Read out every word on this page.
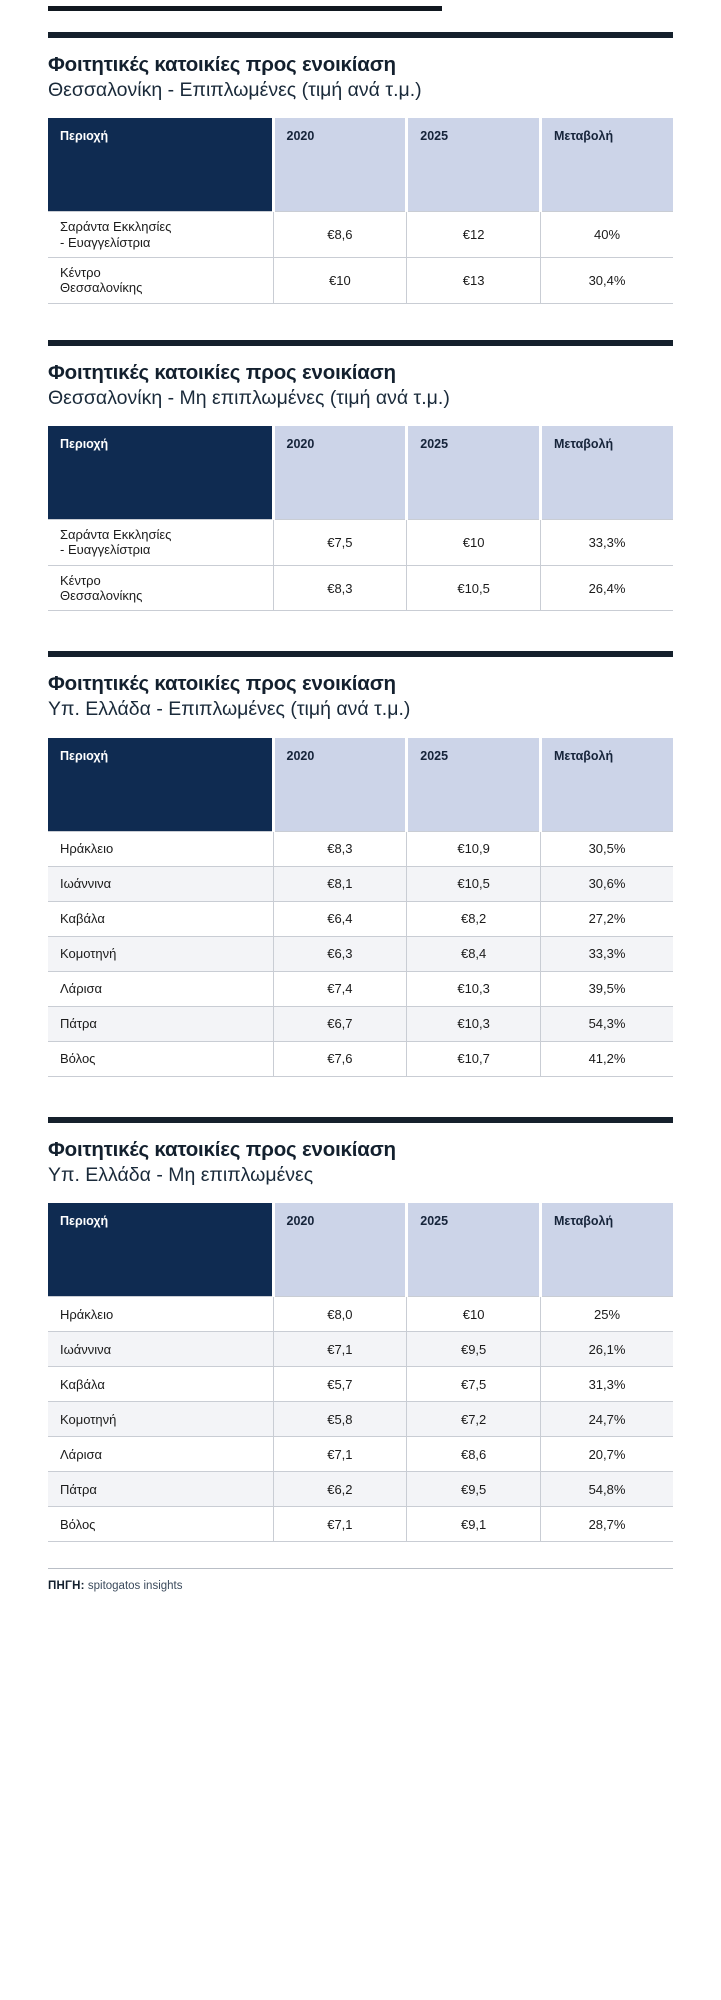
Φοιτητικές κατοικίες προς ενοικίαση
Θεσσαλονίκη - Επιπλωμένες (τιμή ανά τ.μ.)
Περιοχή	2020	2025	Μεταβολή

Σαράντα Εκκλησίες
- Ευαγγελίστρια	€8,6	€12	40%

Κέντρο
Θεσσαλονίκης	€10	€13	30,4%
Φοιτητικές κατοικίες προς ενοικίαση
Θεσσαλονίκη - Μη επιπλωμένες (τιμή ανά τ.μ.)
Περιοχή	2020	2025	Μεταβολή

Σαράντα Εκκλησίες
- Ευαγγελίστρια	€7,5	€10	33,3%

Κέντρο
Θεσσαλονίκης	€8,3	€10,5	26,4%
Φοιτητικές κατοικίες προς ενοικίαση
Υπ. Ελλάδα - Επιπλωμένες (τιμή ανά τ.μ.)
Περιοχή	2020	2025	Μεταβολή
Ηράκλειο	€8,3	€10,9	30,5%
Ιωάννινα	€8,1	€10,5	30,6%
Καβάλα	€6,4	€8,2	27,2%
Κομοτηνή	€6,3	€8,4	33,3%
Λάρισα	€7,4	€10,3	39,5%
Πάτρα	€6,7	€10,3	54,3%
Βόλος	€7,6	€10,7	41,2%
Φοιτητικές κατοικίες προς ενοικίαση
Υπ. Ελλάδα - Μη επιπλωμένες
Περιοχή	2020	2025	Μεταβολή
Ηράκλειο	€8,0	€10	25%
Ιωάννινα	€7,1	€9,5	26,1%
Καβάλα	€5,7	€7,5	31,3%
Κομοτηνή	€5,8	€7,2	24,7%
Λάρισα	€7,1	€8,6	20,7%
Πάτρα	€6,2	€9,5	54,8%
Βόλος	€7,1	€9,1	28,7%
ΠΗΓΗ: spitogatos insights
